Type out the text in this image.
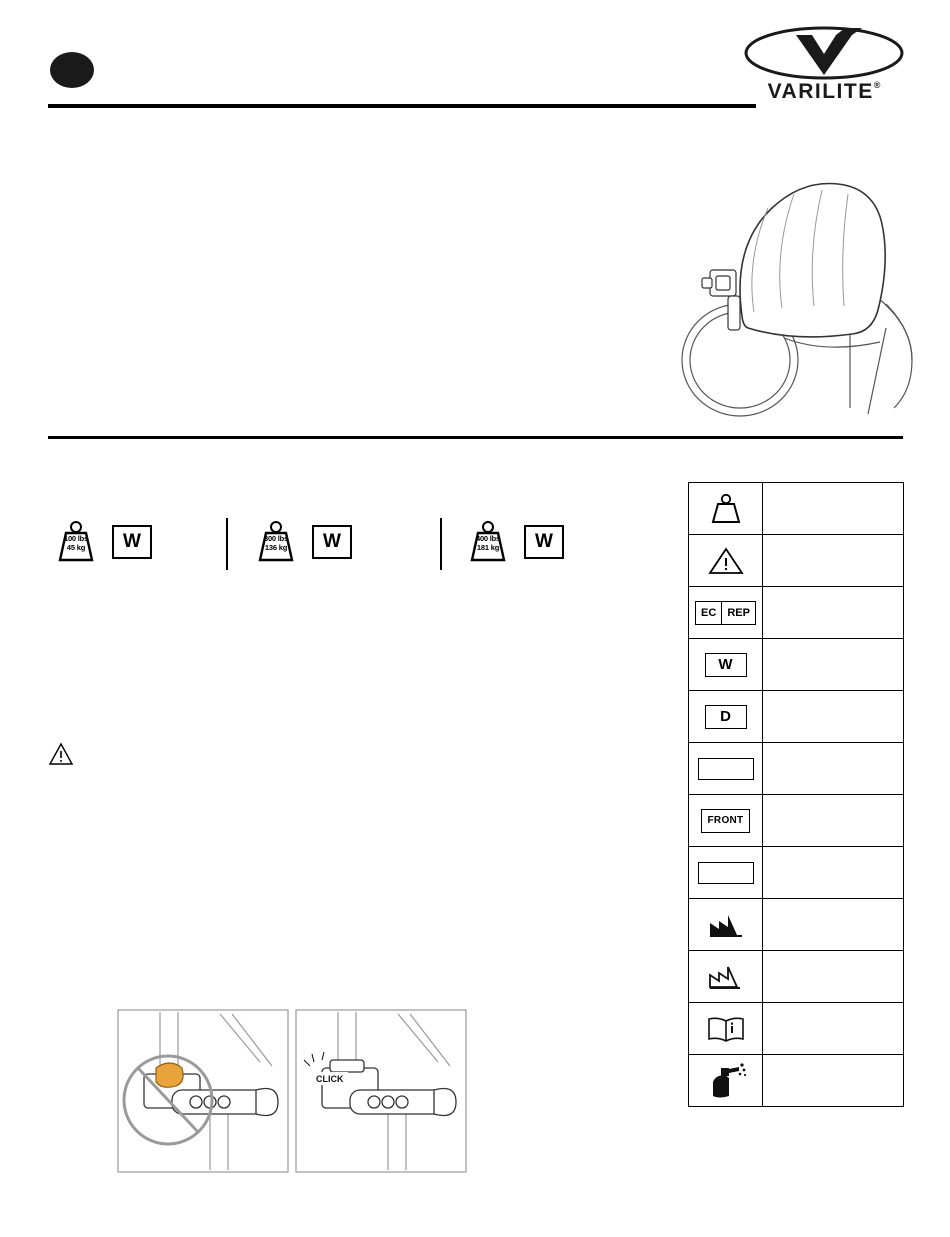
VARILITE®
100 lbs
45 kg	W	300 lbs
136 kg	W	400 lbs
181 kg	W
CLICK
EC	REP
W
D
FRONT
